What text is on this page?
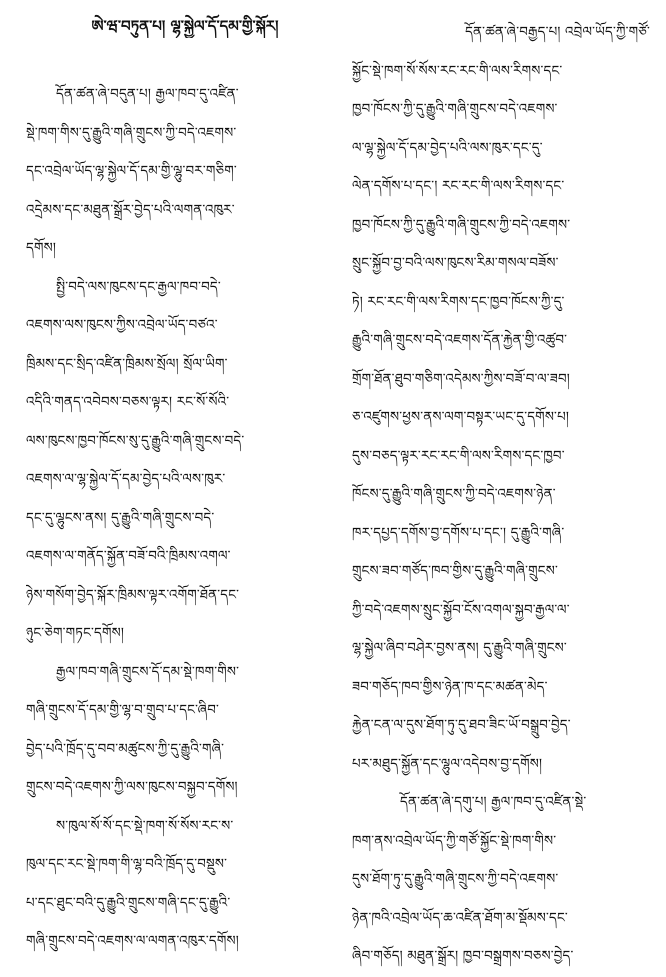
ཨེ་ཝ་བཏུན་པ། ལྷ་སྐྱེལ་དོ་དམ་གྱི་སྐོར།
དོན་ཚན་ཞེ་བདུན་པ། རྒྱལ་ཁབ་དུ་འཛིན་
སྡེ་ཁག་གིས་དུ་རྒྱུའི་གཞི་གྲུངས་ཀྱི་བདེ་འཇགས་
དང་འབྲེལ་ཡོད་ལྷ་སྐྱེལ་དོ་དམ་གྱི་ལྷུ་བར་གཅིག་
འདྲེམས་དང་མཐུན་སྒྲོར་བྱེད་པའི་ལགན་འཁུར་
དགོས།
སྤྱི་བདེ་ལས་ཁུངས་དང་རྒྱལ་ཁབ་བདེ་
འཇགས་ལས་ཁུངས་ཀྱིས་འབྲེལ་ཡོད་བཙའ་
ཁྲིམས་དང་སྲིད་འཛིན་ཁྲིམས་སྲོལ། སྲོལ་ཡིག་
འདིའི་གནད་འབེབས་བཅས་ལྟར། རང་སོ་སོའི་
ལས་ཁུངས་ཁྱབ་ཁོངས་སུ་དུ་རྒྱུའི་གཞི་གྲུངས་བདེ་
འཇགས་ལ་ལྷ་སྐྱེལ་དོ་དམ་བྱེད་པའི་ལས་ཁུར་
དང་དུ་ལྷུངས་ནས། དུ་རྒྱུའི་གཞི་གྲུངས་བདེ་
འཇགས་ལ་གནོད་སྐྱོན་བཟོ་བའི་ཁྲིམས་འགལ་
ཉེས་གསོག་བྱེད་སྐོར་ཁྲིམས་ལྟར་འགོག་ཐོན་དང་
ཉུང་ཅེག་གཏང་དགོས།
རྒྱལ་ཁབ་གཞི་གྲུངས་དོ་དམ་སྡེ་ཁག་གིས་
གཞི་གྲུངས་དོ་དམ་གྱི་ལྷ་བ་གྲུབ་པ་དང་ཞིབ་
བྱེད་པའི་ཁྲོད་དུ་བབ་མཚུངས་ཀྱི་དུ་རྒྱུའི་གཞི་
གྲུངས་བདེ་འཇགས་ཀྱི་ལས་ཁུངས་བསྐྱབ་དགོས།
ས་ཁུལ་སོ་སོ་དང་སྡེ་ཁག་སོ་སོས་རང་ས་
ཁུལ་དང་རང་སྡེ་ཁག་གི་ལྷ་བའི་ཁྲོད་དུ་བསྡུས་
པ་དང་ཐུང་བའི་དུ་རྒྱུའི་གྲུངས་གཞི་དང་དུ་རྒྱུའི་
གཞི་གྲུངས་བདེ་འཇགས་ལ་ལགན་འཁུར་དགོས།
དོན་ཚན་ཞེ་བརྒྱད་པ། འབྲེལ་ཡོད་ཀྱི་གཙོ་
སྐྱོང་སྡེ་ཁག་སོ་སོས་རང་རང་གི་ལས་རིགས་དང་
ཁྱབ་ཁོངས་ཀྱི་དུ་རྒྱུའི་གཞི་གྲུངས་བདེ་འཇགས་
ལ་ལྷ་སྐྱེལ་དོ་དམ་བྱེད་པའི་ལས་ཁུར་དང་དུ་
ལེན་དགོས་པ་དང་། རང་རང་གི་ལས་རིགས་དང་
ཁྱབ་ཁོངས་ཀྱི་དུ་རྒྱུའི་གཞི་གྲུངས་ཀྱི་བདེ་འཇགས་
སྲུང་སྐྱོབ་བྱ་བའི་ལས་ཁུངས་རིམ་གསལ་བཟོས་
ཏེ། རང་རང་གི་ལས་རིགས་དང་ཁྱབ་ཁོངས་ཀྱི་དུ་
རྒྱུའི་གཞི་གྲུངས་བདེ་འཇགས་དོན་རྐྱེན་གྱི་འཚུབ་
གྲོག་ཐོན་ཐུབ་གཅིག་འདེམས་ཀྱིས་བཟོ་བ་ལ་ཟབ།
ཅ་འཛུགས་ཕྱས་ནས་ལག་བསྟར་ཡང་དུ་དགོས་པ།
དུས་བཅད་ལྟར་རང་རང་གི་ལས་རིགས་དང་ཁྱབ་
ཁོངས་དུ་རྒྱུའི་གཞི་གྲུངས་ཀྱི་བདེ་འཇགས་ཉེན་
ཁར་དཔྱད་དགོས་བྱ་དགོས་པ་དང་། དུ་རྒྱུའི་གཞི་
གྲུངས་ཟབ་གཙོད་ཁབ་གྱིས་དུ་རྒྱུའི་གཞི་གྲུངས་
ཀྱི་བདེ་འཇགས་སྲུང་སྐྱོབ་ངོས་འགལ་སྐྱབ་རྒྱལ་ལ་
ལྷ་སྐྱེལ་ཞིབ་བཤེར་བྱས་ནས། དུ་རྒྱུའི་གཞི་གྲུངས་
ཟབ་གཅོད་ཁབ་གྱིས་ཉེན་ཁ་དང་མཚན་མེད་
རྐྱེན་ངན་ལ་དུས་ཐོག་ཏུ་དུ་ཐབ་ཟིང་ཡོ་བསྒྲུབ་བྱེད་
པར་མཐུད་སྐྱོན་དང་ལྷུལ་འདེབས་བྱ་དགོས།
དོན་ཚན་ཞེ་དགུ་པ། རྒྱལ་ཁབ་དུ་འཛིན་སྡེ་
ཁག་ནས་འབྲེལ་ཡོད་ཀྱི་གཙོ་སྐྱོང་སྡེ་ཁག་གིས་
དུས་ཐོག་ཏུ་དུ་རྒྱུའི་གཞི་གྲུངས་ཀྱི་བདེ་འཇགས་
ཉེན་ཁའི་འབྲེལ་ཡོད་ཆ་འཛིན་ཐོག་མ་སྡོམས་དང་
ཞིབ་གཅོད། མཐུན་སྒྲོར། ཁྱབ་བསྒྲགས་བཅས་བྱེད་
